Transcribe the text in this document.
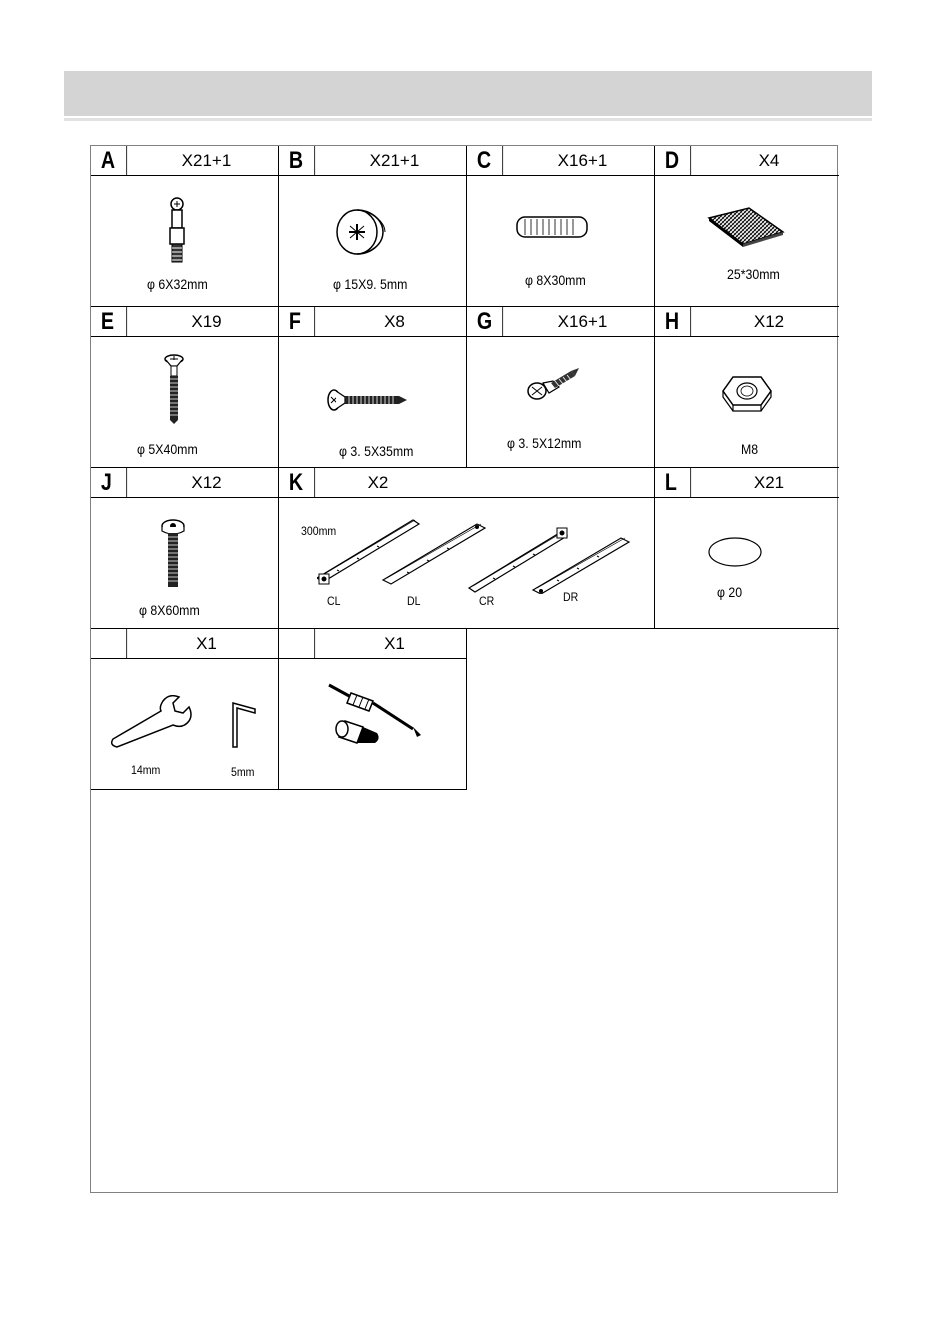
A	X21+1
φ 6X32mm
B	X21+1
φ 15X9. 5mm
C	X16+1
φ 8X30mm
D	X4
25*30mm
E	X19
φ 5X40mm
F	X8
φ 3. 5X35mm
G	X16+1
φ 3. 5X12mm
H	X12
M8
J	X12
φ 8X60mm
K	X2
300mm
CL	DL	CR	DR
L	X21
φ 20
X1
14mm	5mm
X1
